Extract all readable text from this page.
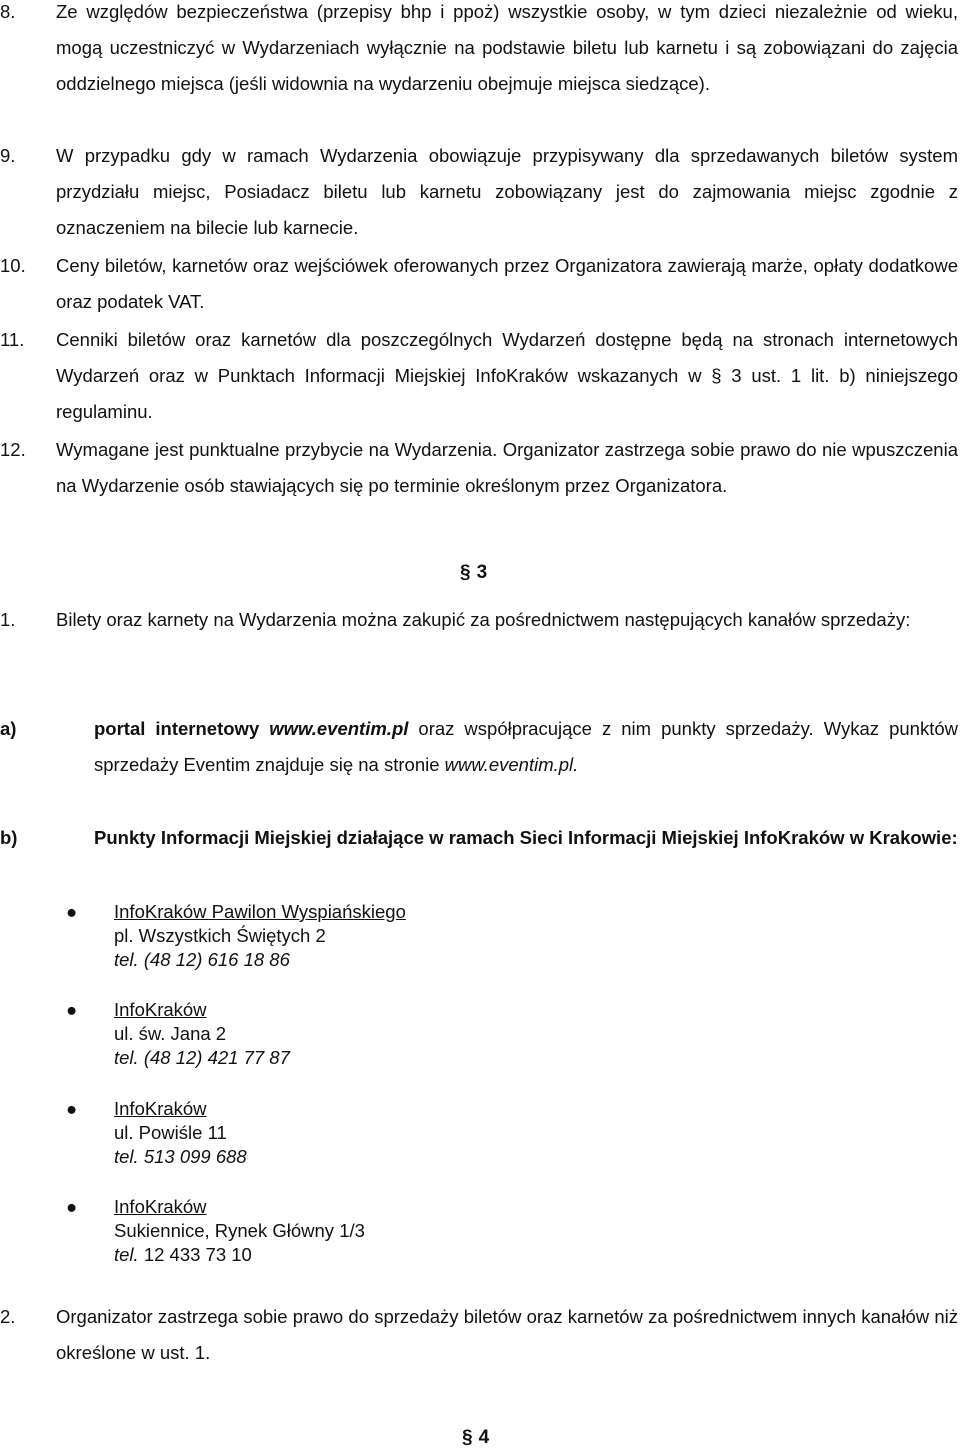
8. Ze względów bezpieczeństwa (przepisy bhp i ppoż) wszystkie osoby, w tym dzieci niezależnie od wieku, mogą uczestniczyć w Wydarzeniach wyłącznie na podstawie biletu lub karnetu i są zobowiązani do zajęcia oddzielnego miejsca (jeśli widownia na wydarzeniu obejmuje miejsca siedzące).
9. W przypadku gdy w ramach Wydarzenia obowiązuje przypisywany dla sprzedawanych biletów system przydziału miejsc, Posiadacz biletu lub karnetu zobowiązany jest do zajmowania miejsc zgodnie z oznaczeniem na bilecie lub karnecie.
10. Ceny biletów, karnetów oraz wejściówek oferowanych przez Organizatora zawierają marże, opłaty dodatkowe oraz podatek VAT.
11. Cenniki biletów oraz karnetów dla poszczególnych Wydarzeń dostępne będą na stronach internetowych Wydarzeń oraz w Punktach Informacji Miejskiej InfoKraków wskazanych w § 3 ust. 1 lit. b) niniejszego regulaminu.
12. Wymagane jest punktualne przybycie na Wydarzenia. Organizator zastrzega sobie prawo do nie wpuszczenia na Wydarzenie osób stawiających się po terminie określonym przez Organizatora.
§ 3
1. Bilety oraz karnety na Wydarzenia można zakupić za pośrednictwem następujących kanałów sprzedaży:
a)	portal internetowy www.eventim.pl oraz współpracujące z nim punkty sprzedaży. Wykaz punktów sprzedaży Eventim znajduje się na stronie www.eventim.pl.
b)	Punkty Informacji Miejskiej działające w ramach Sieci Informacji Miejskiej InfoKraków w Krakowie:
● InfoKraków Pawilon Wyspiańskiego
pl. Wszystkich Świętych 2
tel. (48 12) 616 18 86
● InfoKraków
ul. św. Jana 2
tel. (48 12) 421 77 87
● InfoKraków
ul. Powiśle 11
tel. 513 099 688
● InfoKraków
Sukiennice, Rynek Główny 1/3
tel. 12 433 73 10
2. Organizator zastrzega sobie prawo do sprzedaży biletów oraz karnetów za pośrednictwem innych kanałów niż określone w ust. 1.
§ 4
